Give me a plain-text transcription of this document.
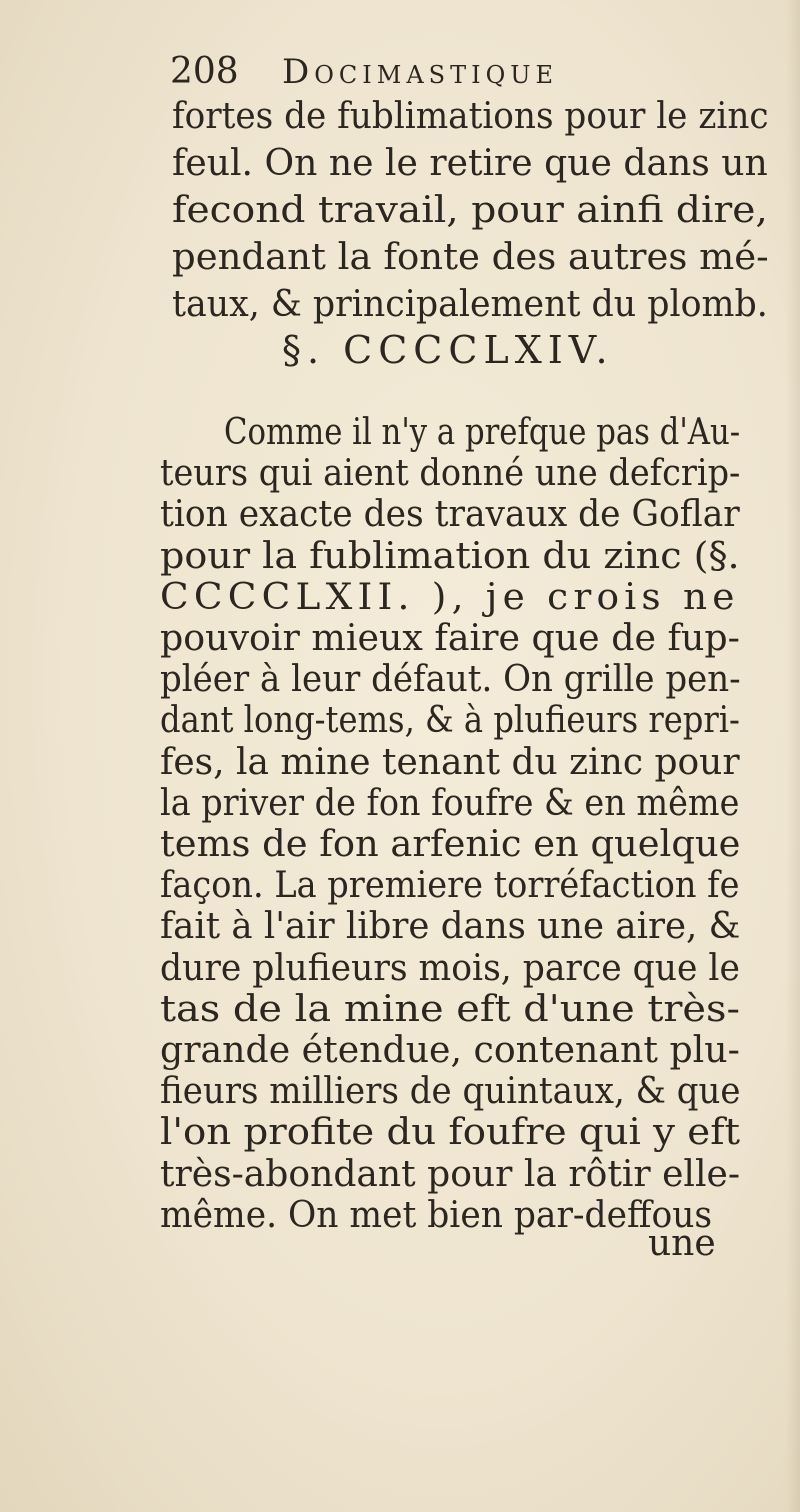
208 Docimastique
fortes de fublimations pour le zinc
feul. On ne le retire que dans un
fecond travail, pour ainfi dire,
pendant la fonte des autres mé-
taux, & principalement du plomb.
§. CCCCLXIV.
Comme il n'y a prefque pas d'Au-
teurs qui aient donné une defcrip-
tion exacte des travaux de Goflar
pour la fublimation du zinc (§.
CCCCLXII. ), je crois ne
pouvoir mieux faire que de fup-
pléer à leur défaut. On grille pen-
dant long-tems, & à plufieurs repri-
fes, la mine tenant du zinc pour
la priver de fon foufre & en même
tems de fon arfenic en quelque
façon. La premiere torréfaction fe
fait à l'air libre dans une aire, &
dure plufieurs mois, parce que le
tas de la mine eft d'une très-
grande étendue, contenant plu-
fieurs milliers de quintaux, & que
l'on profite du foufre qui y eft
très-abondant pour la rôtir elle-
même. On met bien par-deffous
une
